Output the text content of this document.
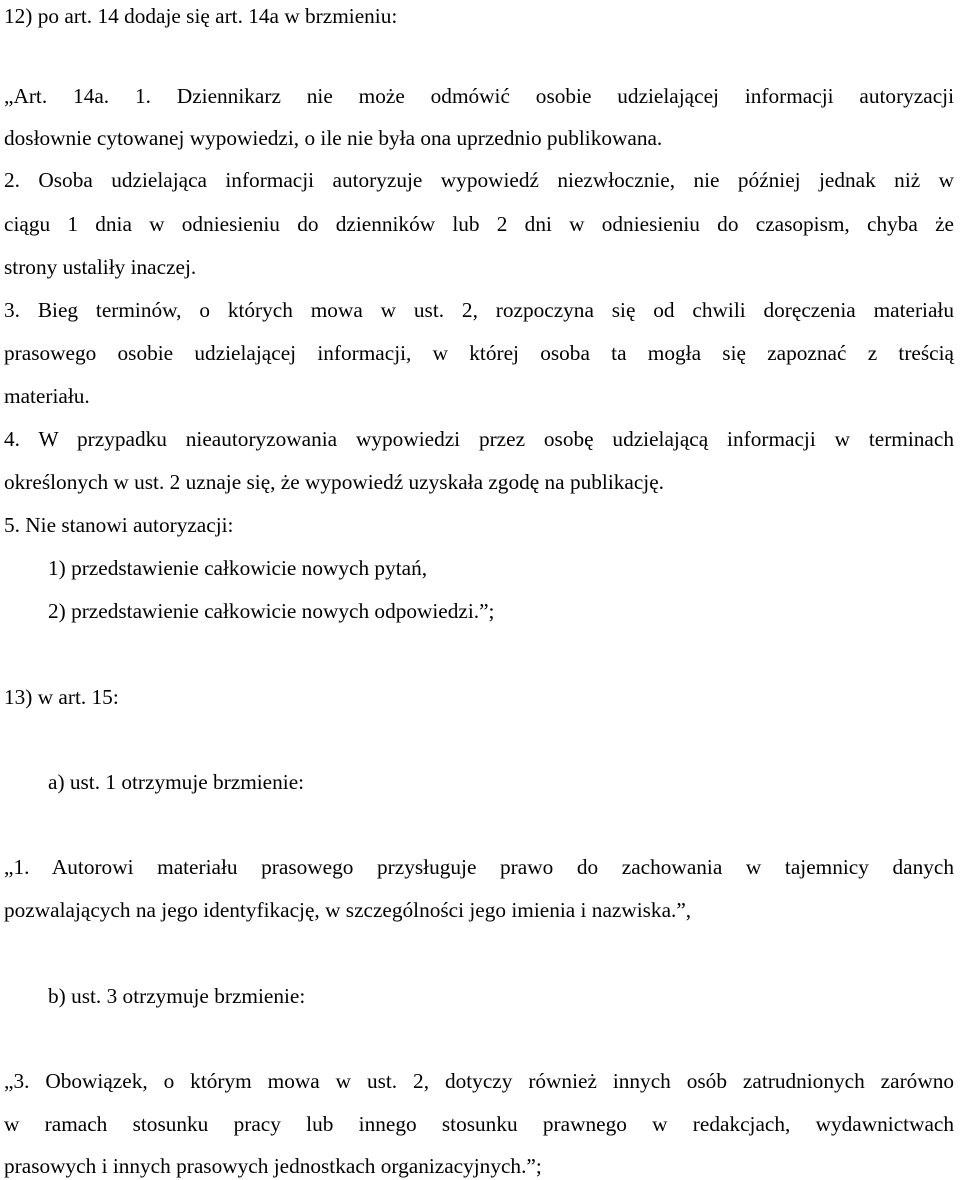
12) po art. 14 dodaje się art. 14a w brzmieniu:
„Art. 14a. 1. Dziennikarz nie może odmówić osobie udzielającej informacji autoryzacji
dosłownie cytowanej wypowiedzi, o ile nie była ona uprzednio publikowana.
2. Osoba udzielająca informacji autoryzuje wypowiedź niezwłocznie, nie później jednak niż w
ciągu 1 dnia w odniesieniu do dzienników lub 2 dni w odniesieniu do czasopism, chyba że
strony ustaliły inaczej.
3. Bieg terminów, o których mowa w ust. 2, rozpoczyna się od chwili doręczenia materiału
prasowego osobie udzielającej informacji, w której osoba ta mogła się zapoznać z treścią
materiału.
4. W przypadku nieautoryzowania wypowiedzi przez osobę udzielającą informacji w terminach
określonych w ust. 2 uznaje się, że wypowiedź uzyskała zgodę na publikację.
5. Nie stanowi autoryzacji:
1) przedstawienie całkowicie nowych pytań,
2) przedstawienie całkowicie nowych odpowiedzi.”;
13) w art. 15:
a) ust. 1 otrzymuje brzmienie:
„1. Autorowi materiału prasowego przysługuje prawo do zachowania w tajemnicy danych
pozwalających na jego identyfikację, w szczególności jego imienia i nazwiska.”,
b) ust. 3 otrzymuje brzmienie:
„3. Obowiązek, o którym mowa w ust. 2, dotyczy również innych osób zatrudnionych zarówno
w ramach stosunku pracy lub innego stosunku prawnego w redakcjach, wydawnictwach
prasowych i innych prasowych jednostkach organizacyjnych.”;
